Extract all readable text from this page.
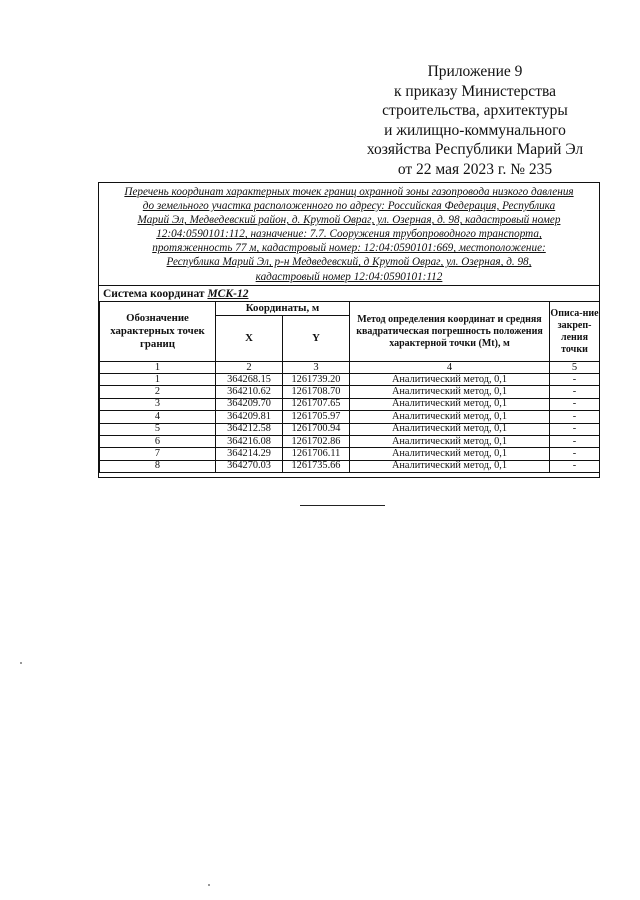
Приложение 9
к приказу Министерства
строительства, архитектуры
и жилищно-коммунального
хозяйства Республики Марий Эл
от 22 мая 2023 г. № 235
Перечень координат характерных точек границ охранной зоны газопровода низкого давления
до земельного участка расположенного по адресу: Российская Федерация, Республика
Марий Эл, Медведевский район, д. Крутой Овраг, ул. Озерная, д. 98, кадастровый номер
12:04:0590101:112, назначение: 7.7. Сооружения трубопроводного транспорта,
протяженность 77 м, кадастровый номер: 12:04:0590101:669, местоположение:
Республика Марий Эл, р-н Медведевский, д Крутой Овраг, ул. Озерная, д. 98,
кадастровый номер 12:04:0590101:112
Система координат МСК-12
Обозначение характерных точек границ	Координаты, м		Метод определения координат и средняя квадратическая погрешность положения характерной точки (Mt), м	Описа-ние закреп-ления точки
	X	Y		
1	2	3	4	5
1	364268.15	1261739.20	Аналитический метод, 0,1	-
2	364210.62	1261708.70	Аналитический метод, 0,1	-
3	364209.70	1261707.65	Аналитический метод, 0,1	-
4	364209.81	1261705.97	Аналитический метод, 0,1	-
5	364212.58	1261700.94	Аналитический метод, 0,1	-
6	364216.08	1261702.86	Аналитический метод, 0,1	-
7	364214.29	1261706.11	Аналитический метод, 0,1	-
8	364270.03	1261735.66	Аналитический метод, 0,1	-
